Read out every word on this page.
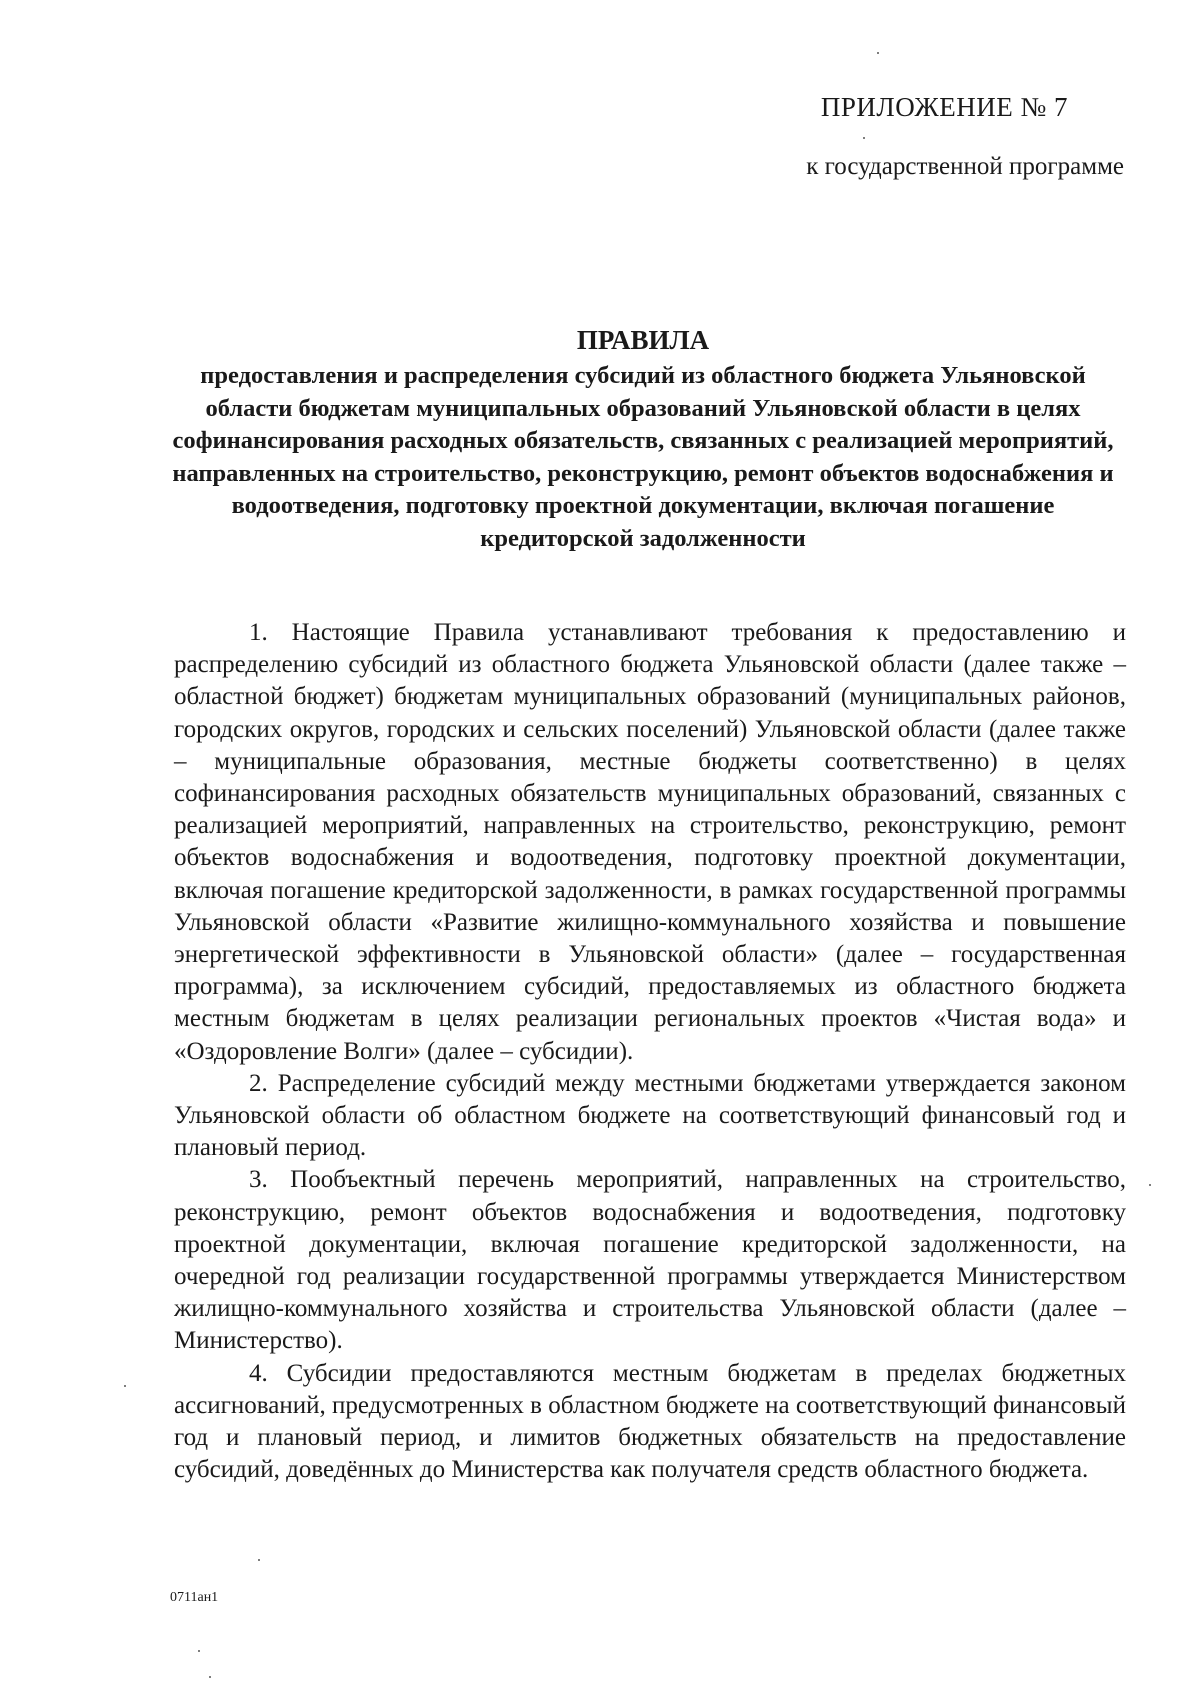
ПРИЛОЖЕНИЕ № 7
к государственной программе
ПРАВИЛА
предоставления и распределения субсидий из областного бюджета Ульяновской области бюджетам муниципальных образований Ульяновской области в целях софинансирования расходных обязательств, связанных с реализацией мероприятий, направленных на строительство, реконструкцию, ремонт объектов водоснабжения и водоотведения, подготовку проектной документации, включая погашение кредиторской задолженности

1. Настоящие Правила устанавливают требования к предоставлению и распределению субсидий из областного бюджета Ульяновской области (далее также – областной бюджет) бюджетам муниципальных образований (муниципальных районов, городских округов, городских и сельских поселений) Ульяновской области (далее также – муниципальные образования, местные бюджеты соответственно) в целях софинансирования расходных обязательств муниципальных образований, связанных с реализацией мероприятий, направленных на строительство, реконструкцию, ремонт объектов водоснабжения и водоотведения, подготовку проектной документации, включая погашение кредиторской задолженности, в рамках государственной программы Ульяновской области «Развитие жилищно-коммунального хозяйства и повышение энергетической эффективности в Ульяновской области» (далее – государственная программа), за исключением субсидий, предоставляемых из областного бюджета местным бюджетам в целях реализации региональных проектов «Чистая вода» и «Оздоровление Волги» (далее – субсидии).

2. Распределение субсидий между местными бюджетами утверждается законом Ульяновской области об областном бюджете на соответствующий финансовый год и плановый период.

3. Пообъектный перечень мероприятий, направленных на строительство, реконструкцию, ремонт объектов водоснабжения и водоотведения, подготовку проектной документации, включая погашение кредиторской задолженности, на очередной год реализации государственной программы утверждается Министерством жилищно-коммунального хозяйства и строительства Ульяновской области (далее – Министерство).

4. Субсидии предоставляются местным бюджетам в пределах бюджетных ассигнований, предусмотренных в областном бюджете на соответствующий финансовый год и плановый период, и лимитов бюджетных обязательств на предоставление субсидий, доведённых до Министерства как получателя средств областного бюджета.

0711ан1
